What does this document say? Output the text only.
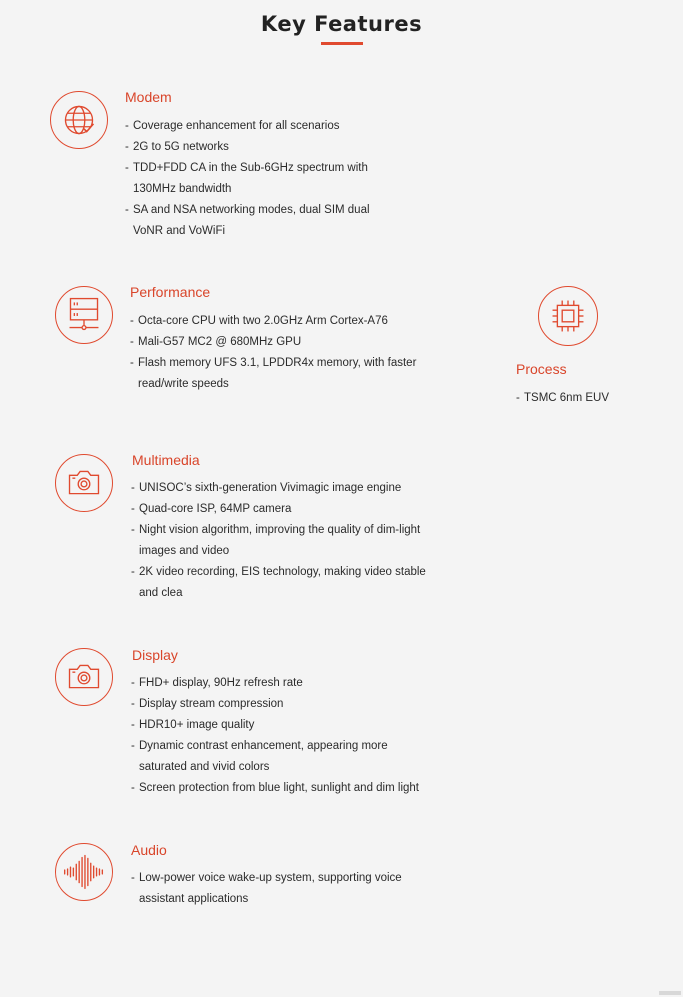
Key Features
Modem
- Coverage enhancement for all scenarios
- 2G to 5G networks
- TDD+FDD CA in the Sub-6GHz spectrum with
130MHz bandwidth
- SA and NSA networking modes, dual SIM dual
VoNR and VoWiFi
Performance
- Octa-core CPU with two 2.0GHz Arm Cortex-A76
- Mali-G57 MC2 @ 680MHz GPU
- Flash memory UFS 3.1, LPDDR4x memory, with faster
read/write speeds
Process
- TSMC 6nm EUV
Multimedia
- UNISOC’s sixth-generation Vivimagic image engine
- Quad-core ISP, 64MP camera
- Night vision algorithm, improving the quality of dim-light
images and video
- 2K video recording, EIS technology, making video stable
and clea
Display
- FHD+ display, 90Hz refresh rate
- Display stream compression
- HDR10+ image quality
- Dynamic contrast enhancement, appearing more
saturated and vivid colors
- Screen protection from blue light, sunlight and dim light
Audio
- Low-power voice wake-up system, supporting voice
assistant applications
